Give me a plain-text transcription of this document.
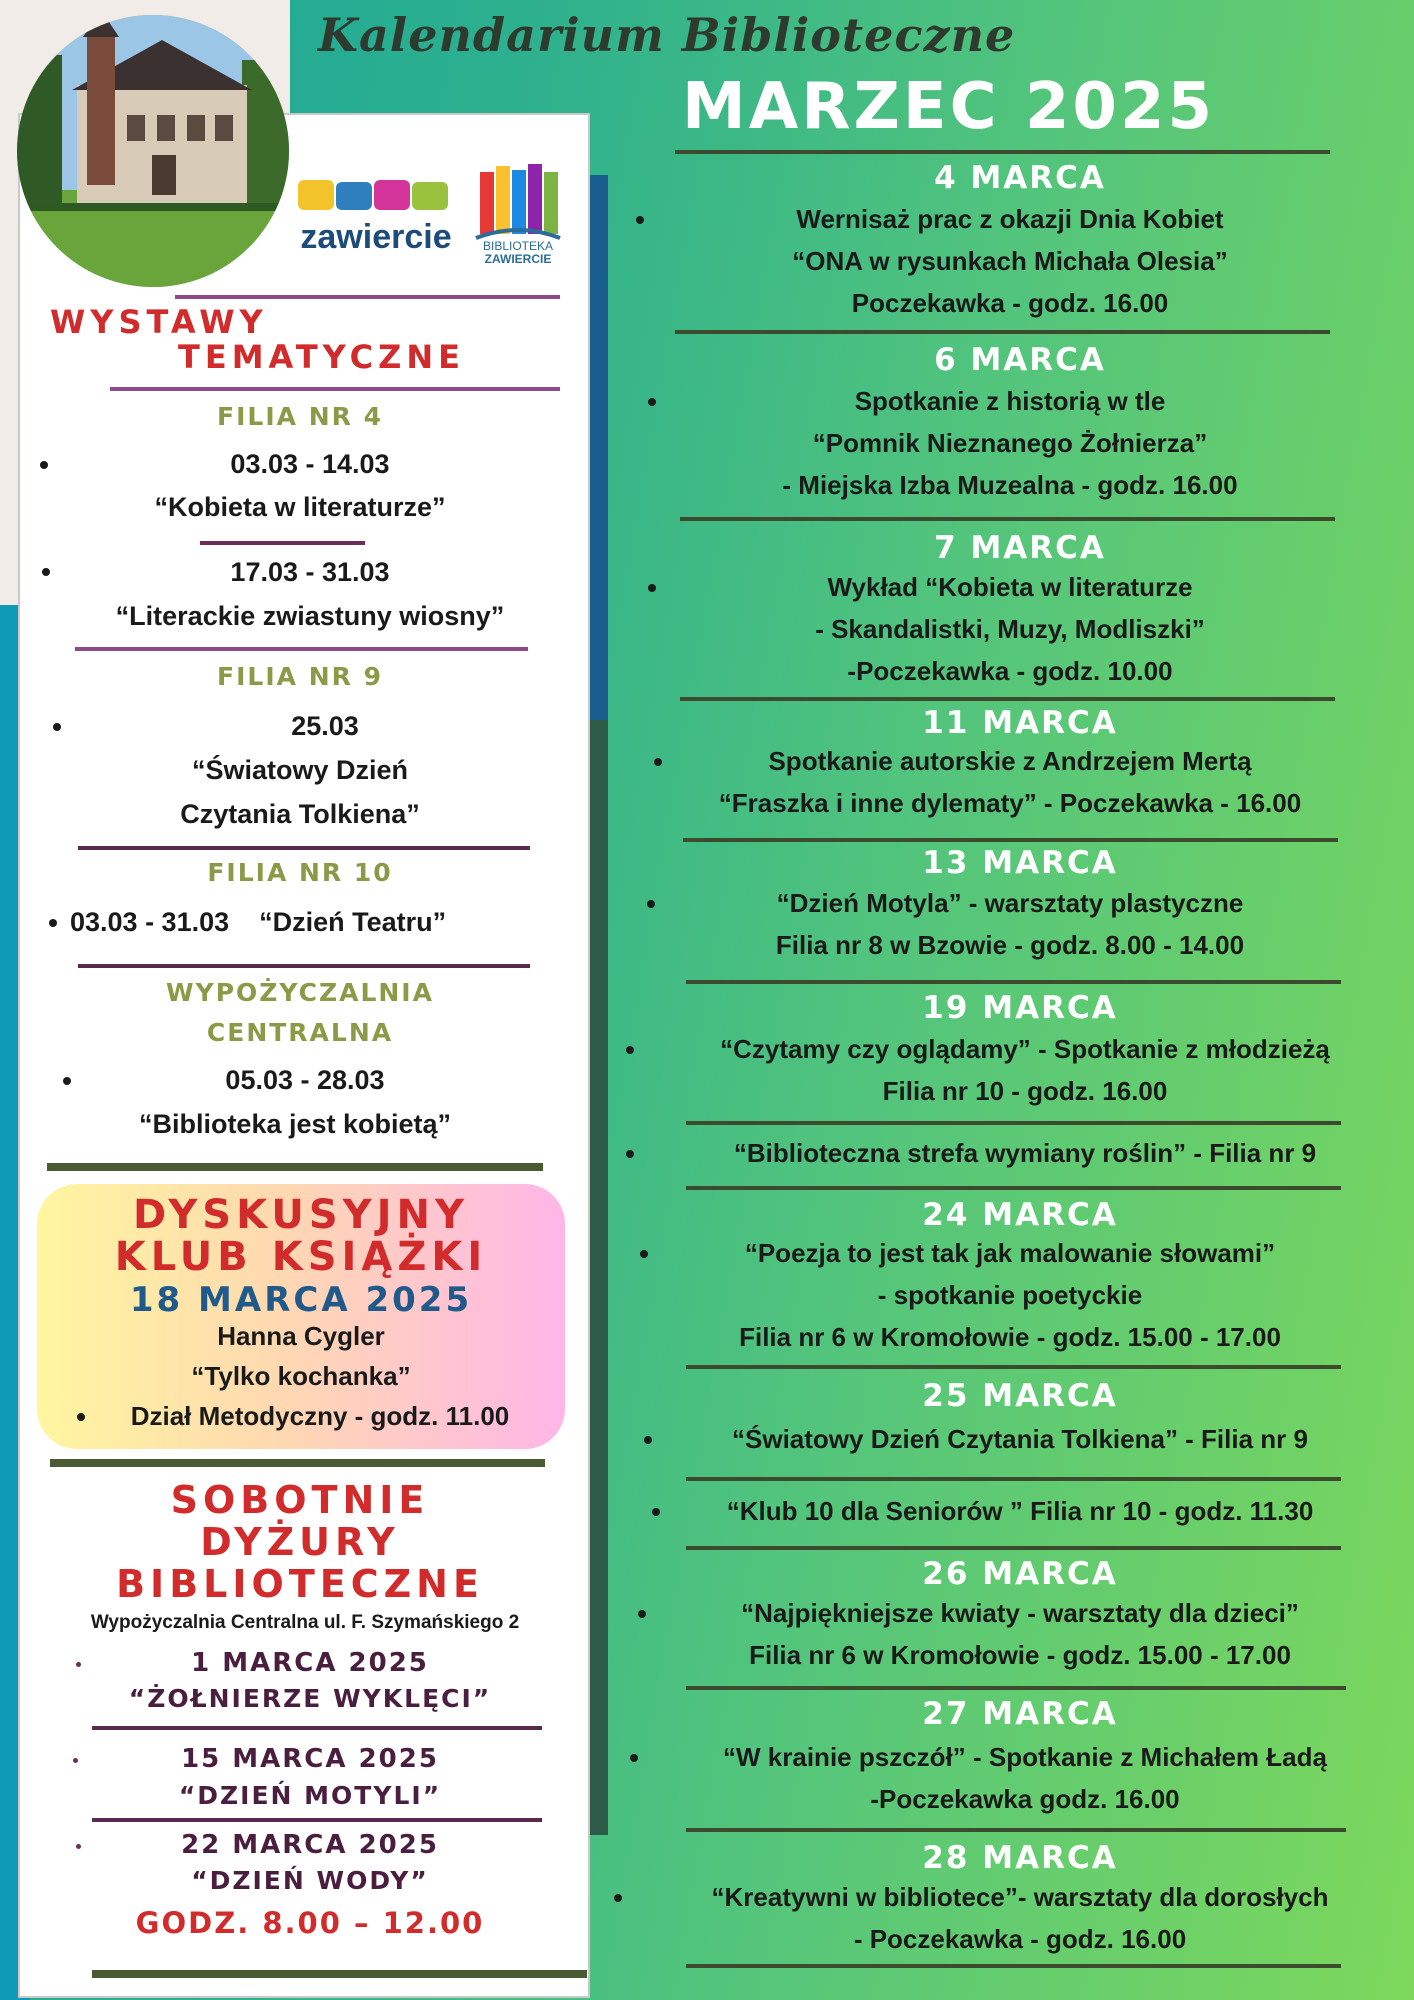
zawiercie	BIBLIOTEKA
ZAWIERCIE
Kalendarium Biblioteczne
MARZEC 2025
4 MARCA
Wernisaż prac z okazji Dnia Kobiet
“ONA w rysunkach Michała Olesia”
Poczekawka - godz. 16.00
6 MARCA
Spotkanie z historią w tle
“Pomnik Nieznanego Żołnierza”
- Miejska Izba Muzealna - godz. 16.00
7 MARCA
Wykład “Kobieta w literaturze
- Skandalistki, Muzy, Modliszki”
-Poczekawka - godz. 10.00
11 MARCA
Spotkanie autorskie z Andrzejem Mertą
“Fraszka i inne dylematy” - Poczekawka - 16.00
13 MARCA
“Dzień Motyla” - warsztaty plastyczne
Filia nr 8 w Bzowie - godz. 8.00 - 14.00
19 MARCA
“Czytamy czy oglądamy” - Spotkanie z młodzieżą
Filia nr 10 - godz. 16.00
“Biblioteczna strefa wymiany roślin” - Filia nr 9
24 MARCA
“Poezja to jest tak jak malowanie słowami”
- spotkanie poetyckie
Filia nr 6 w Kromołowie - godz. 15.00 - 17.00
25 MARCA
“Światowy Dzień Czytania Tolkiena” - Filia nr 9
“Klub 10 dla Seniorów ” Filia nr 10 - godz. 11.30
26 MARCA
“Najpiękniejsze kwiaty - warsztaty dla dzieci”
Filia nr 6 w Kromołowie - godz. 15.00 - 17.00
27 MARCA
“W krainie pszczół” - Spotkanie z Michałem Ładą
-Poczekawka godz. 16.00
28 MARCA
“Kreatywni w bibliotece”- warsztaty dla dorosłych
- Poczekawka - godz. 16.00
WYSTAWY
TEMATYCZNE
FILIA NR 4
03.03 - 14.03
“Kobieta w literaturze”
17.03 - 31.03
“Literackie zwiastuny wiosny”
FILIA NR 9
25.03
“Światowy Dzień
Czytania Tolkiena”
FILIA NR 10
03.03 - 31.03    “Dzień Teatru”
WYPOŻYCZALNIA
CENTRALNA
05.03 - 28.03
“Biblioteka jest kobietą”
DYSKUSYJNY
KLUB KSIĄŻKI
18 MARCA 2025
Hanna Cygler
“Tylko kochanka”
Dział Metodyczny - godz. 11.00
SOBOTNIE
DYŻURY
BIBLIOTECZNE
Wypożyczalnia Centralna ul. F. Szymańskiego 2
1 MARCA 2025
“ŻOŁNIERZE WYKLĘCI”
15 MARCA 2025
“DZIEŃ MOTYLI”
22 MARCA 2025
“DZIEŃ WODY”
GODZ. 8.00 – 12.00
